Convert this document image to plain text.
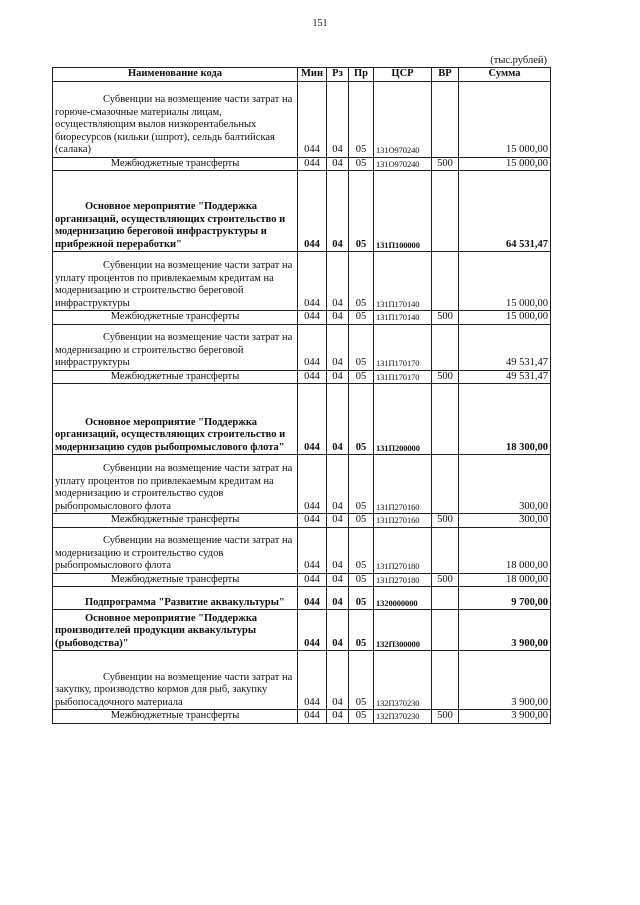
151
(тыс.рублей)
Наименование кода	Мин	Рз	Пр	ЦСР	ВР	Сумма
Субвенции на возмещение части затрат на горюче-смазочные материалы лицам, осуществляющим вылов низкорентабельных биоресурсов (кильки (шпрот), сельдь балтийская (салака)	044	04	05	131О970240		15 000,00
Межбюджетные трансферты	044	04	05	131О970240	500	15 000,00
Основное мероприятие "Поддержка организаций, осуществляющих строительство и модернизацию береговой инфраструктуры и прибрежной переработки"	044	04	05	131П100000		64 531,47
Субвенции на возмещение части затрат на уплату процентов по привлекаемым кредитам на модернизацию и строительство береговой инфраструктуры	044	04	05	131П170140		15 000,00
Межбюджетные трансферты	044	04	05	131П170140	500	15 000,00
Субвенции на возмещение части затрат на модернизацию и строительство береговой инфраструктуры	044	04	05	131П170170		49 531,47
Межбюджетные трансферты	044	04	05	131П170170	500	49 531,47
Основное мероприятие "Поддержка организаций, осуществляющих строительство и модернизацию судов рыбопромыслового флота"	044	04	05	131П200000		18 300,00
Субвенции на возмещение части затрат на уплату процентов по привлекаемым кредитам на модернизацию и строительство судов рыбопромыслового флота	044	04	05	131П270160		300,00
Межбюджетные трансферты	044	04	05	131П270160	500	300,00
Субвенции на возмещение части затрат на модернизацию и строительство судов рыбопромыслового флота	044	04	05	131П270180		18 000,00
Межбюджетные трансферты	044	04	05	131П270180	500	18 000,00
Подпрограмма "Развитие аквакультуры"	044	04	05	1320000000		9 700,00
Основное мероприятие "Поддержка производителей продукции аквакультуры (рыбоводства)"	044	04	05	132П300000		3 900,00
Субвенции на возмещение части затрат на закупку, производство кормов для рыб, закупку рыбопосадочного материала	044	04	05	132П370230		3 900,00
Межбюджетные трансферты	044	04	05	132П370230	500	3 900,00
